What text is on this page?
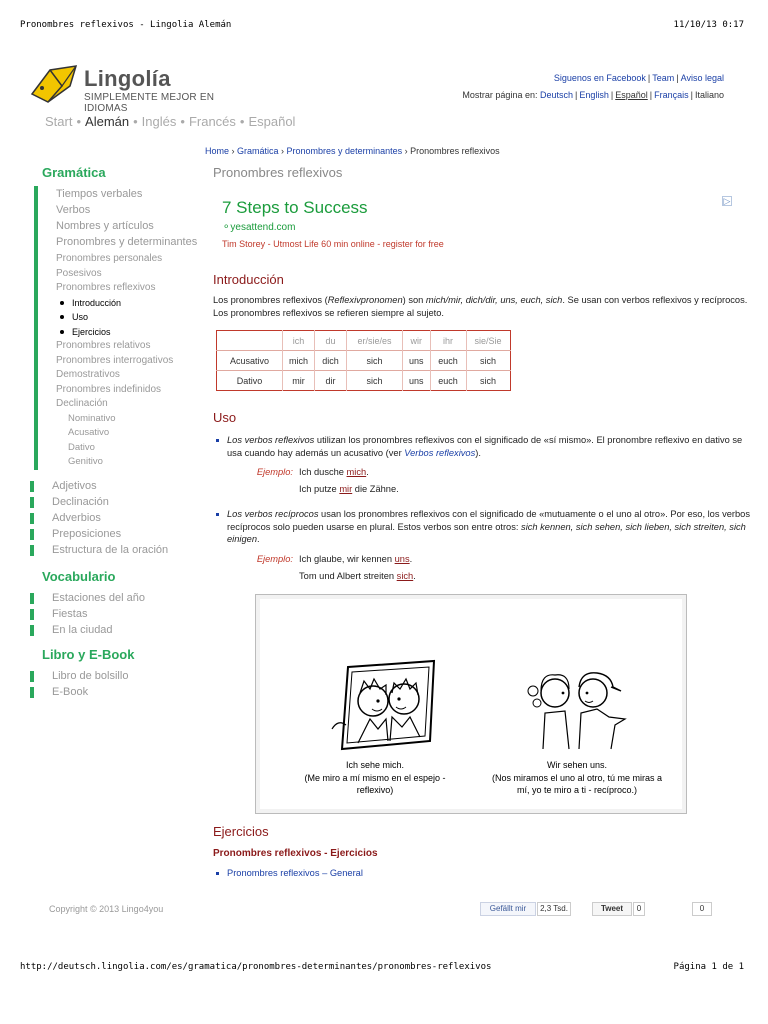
Pronombres reflexivos - Lingolia Alemán	11/10/13 0:17
Lingolía
SIMPLEMENTE MEJOR EN IDIOMAS
Siguenos en Facebook | Team | Aviso legal
Mostrar página en: Deutsch | English | Español | Français | Italiano
Start • Alemán • Inglés • Francés • Español
Gramática
Tiempos verbales
Verbos
Nombres y artículos
Pronombres y determinantes
Pronombres personales
Posesivos
Pronombres reflexivos
Introducción
Uso
Ejercicios
Pronombres relativos
Pronombres interrogativos
Demostrativos
Pronombres indefinidos
Declinación
Nominativo
Acusativo
Dativo
Genitivo
Adjetivos
Declinación
Adverbios
Preposiciones
Estructura de la oración
Vocabulario
Estaciones del año
Fiestas
En la ciudad
Libro y E-Book
Libro de bolsillo
E-Book
Home › Gramática › Pronombres y determinantes › Pronombres reflexivos
Pronombres reflexivos
7 Steps to Success
⚬yesattend.com
Tim Storey - Utmost Life 60 min online - register for free
▷
Introducción
Los pronombres reflexivos (Reflexivpronomen) son mich/mir, dich/dir, uns, euch, sich. Se usan con verbos reflexivos y recíprocos. Los pronombres reflexivos se refieren siempre al sujeto.
	ich	du	er/sie/es	wir	ihr	sie/Sie
Acusativo	mich	dich	sich	uns	euch	sich
Dativo	mir	dir	sich	uns	euch	sich
Uso
Los verbos reflexivos utilizan los pronombres reflexivos con el significado de «sí mismo». El pronombre reflexivo en dativo se usa cuando hay además un acusativo (ver Verbos reflexivos).
Ejemplo: Ich dusche mich.
Ich putze mir die Zähne.
Los verbos recíprocos usan los pronombres reflexivos con el significado de «mutuamente o el uno al otro». Por eso, los verbos recíprocos solo pueden usarse en plural. Estos verbos son entre otros: sich kennen, sich sehen, sich lieben, sich streiten, sich einigen.
Ejemplo: Ich glaube, wir kennen uns.
Tom und Albert streiten sich.
Ich sehe mich.
(Me miro a mí mismo en el espejo -
reflexivo)
Wir sehen uns.
(Nos miramos el uno al otro, tú me miras a
mí, yo te miro a ti - recíproco.)
Ejercicios
Pronombres reflexivos - Ejercicios
Pronombres reflexivos – General
Copyright © 2013 Lingo4you	Gefällt mir	2,3 Tsd.	Tweet	0	0
http://deutsch.lingolia.com/es/gramatica/pronombres-determinantes/pronombres-reflexivos	Página 1 de 1
